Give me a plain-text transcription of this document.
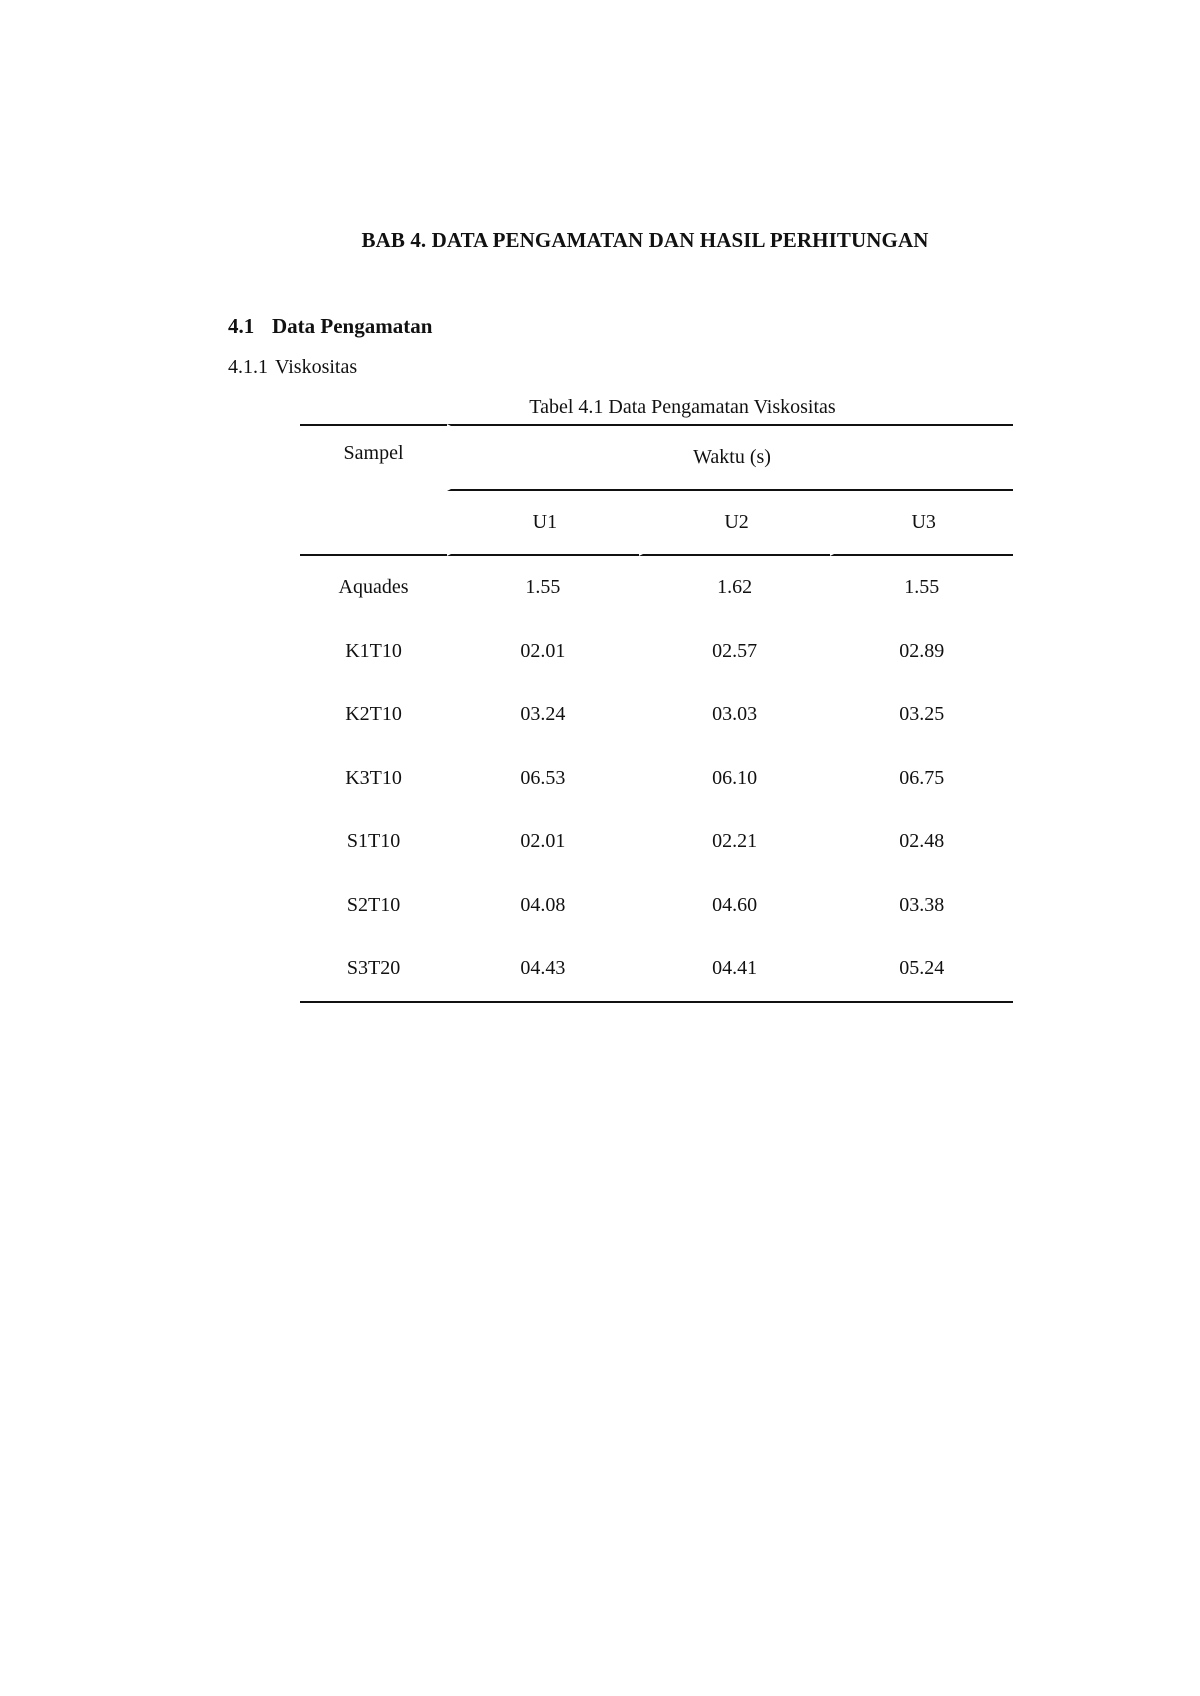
BAB 4. DATA PENGAMATAN DAN HASIL PERHITUNGAN
4.1 Data Pengamatan
4.1.1 Viskositas
Tabel 4.1 Data Pengamatan Viskositas
Sampel	Waktu (s)		
	U1	U2	U3
Aquades	1.55	1.62	1.55
K1T10	02.01	02.57	02.89
K2T10	03.24	03.03	03.25
K3T10	06.53	06.10	06.75
S1T10	02.01	02.21	02.48
S2T10	04.08	04.60	03.38
S3T20	04.43	04.41	05.24
